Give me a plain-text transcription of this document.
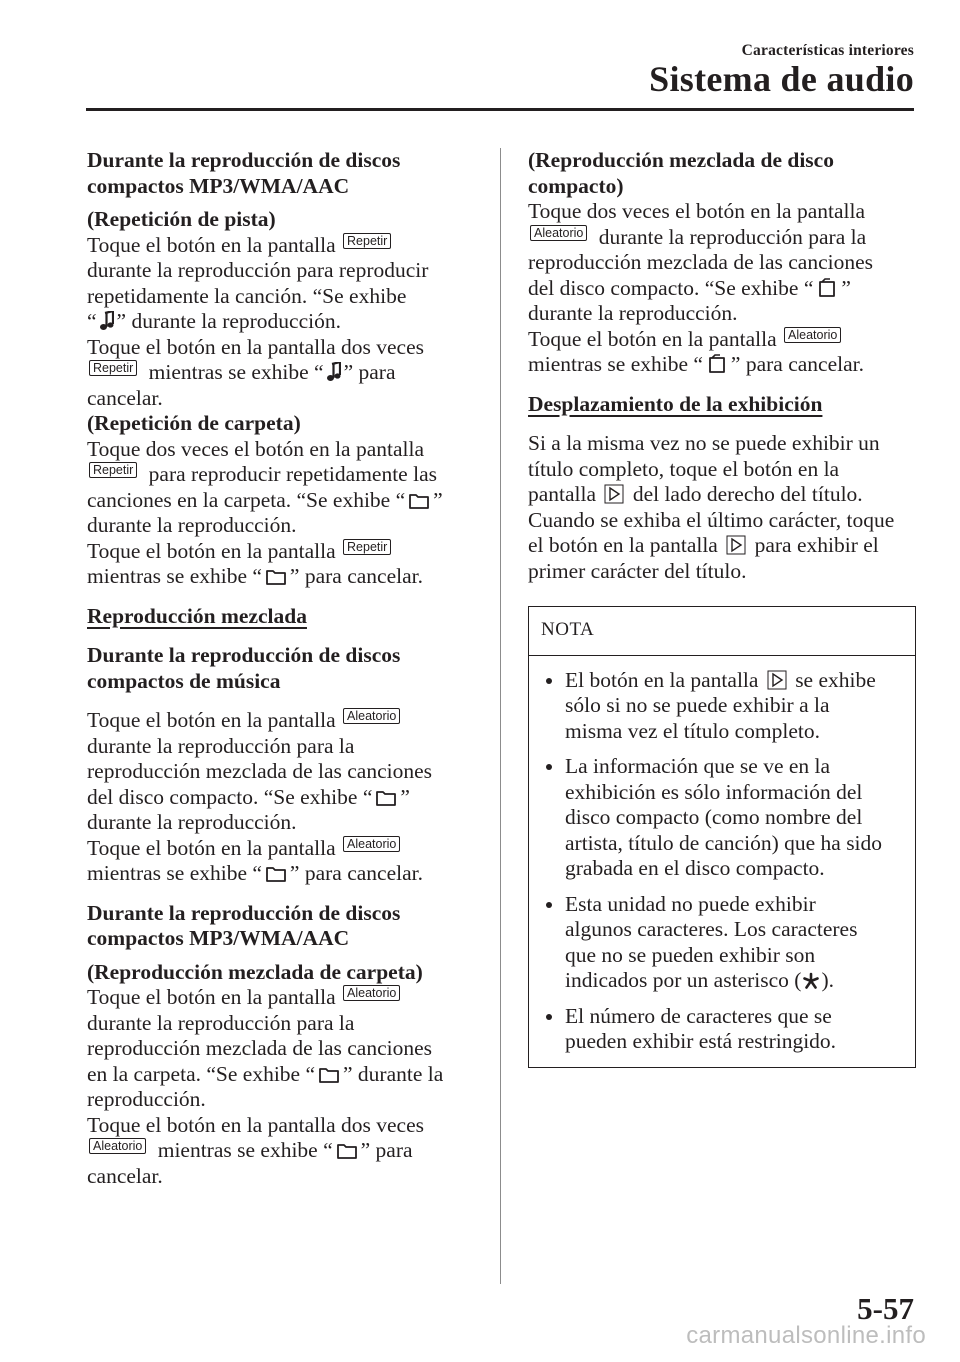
Características interiores
Sistema de audio
Durante la reproducción de discos
compactos MP3/WMA/AAC
(Repetición de pista)

Toque el botón en la pantalla Repetir
durante la reproducción para reproducir
repetidamente la canción. “Se exhibe
“ ” durante la reproducción.
Toque el botón en la pantalla dos veces
Repetir mientras se exhibe “ ” para
cancelar.

(Repetición de carpeta)

Toque dos veces el botón en la pantalla
Repetir para reproducir repetidamente las
canciones en la carpeta. “Se exhibe “ ”
durante la reproducción.
Toque el botón en la pantalla Repetir
mientras se exhibe “ ” para cancelar.

Reproducción mezclada
Durante la reproducción de discos
compactos de música

Toque el botón en la pantalla Aleatorio
durante la reproducción para la
reproducción mezclada de las canciones
del disco compacto. “Se exhibe “ ”
durante la reproducción.
Toque el botón en la pantalla Aleatorio
mientras se exhibe “ ” para cancelar.

Durante la reproducción de discos
compactos MP3/WMA/AAC
(Reproducción mezclada de carpeta)

Toque el botón en la pantalla Aleatorio
durante la reproducción para la
reproducción mezclada de las canciones
en la carpeta. “Se exhibe “ ” durante la
reproducción.
Toque el botón en la pantalla dos veces
Aleatorio mientras se exhibe “ ” para
cancelar.

(Reproducción mezclada de disco
compacto)

Toque dos veces el botón en la pantalla
Aleatorio durante la reproducción para la
reproducción mezclada de las canciones
del disco compacto. “Se exhibe “ ”
durante la reproducción.
Toque el botón en la pantalla Aleatorio
mientras se exhibe “ ” para cancelar.

Desplazamiento de la exhibición

Si a la misma vez no se puede exhibir un
título completo, toque el botón en la
pantalla del lado derecho del título.
Cuando se exhiba el último carácter, toque
el botón en la pantalla para exhibir el
primer carácter del título.

NOTA
El botón en la pantalla se exhibe
sólo si no se puede exhibir a la
misma vez el título completo.
La información que se ve en la
exhibición es sólo información del
disco compacto (como nombre del
artista, título de canción) que ha sido
grabada en el disco compacto.
Esta unidad no puede exhibir
algunos caracteres. Los caracteres
que no se pueden exhibir son
indicados por un asterisco ( ).
El número de caracteres que se
pueden exhibir está restringido.
5-57
carmanualsonline.info
